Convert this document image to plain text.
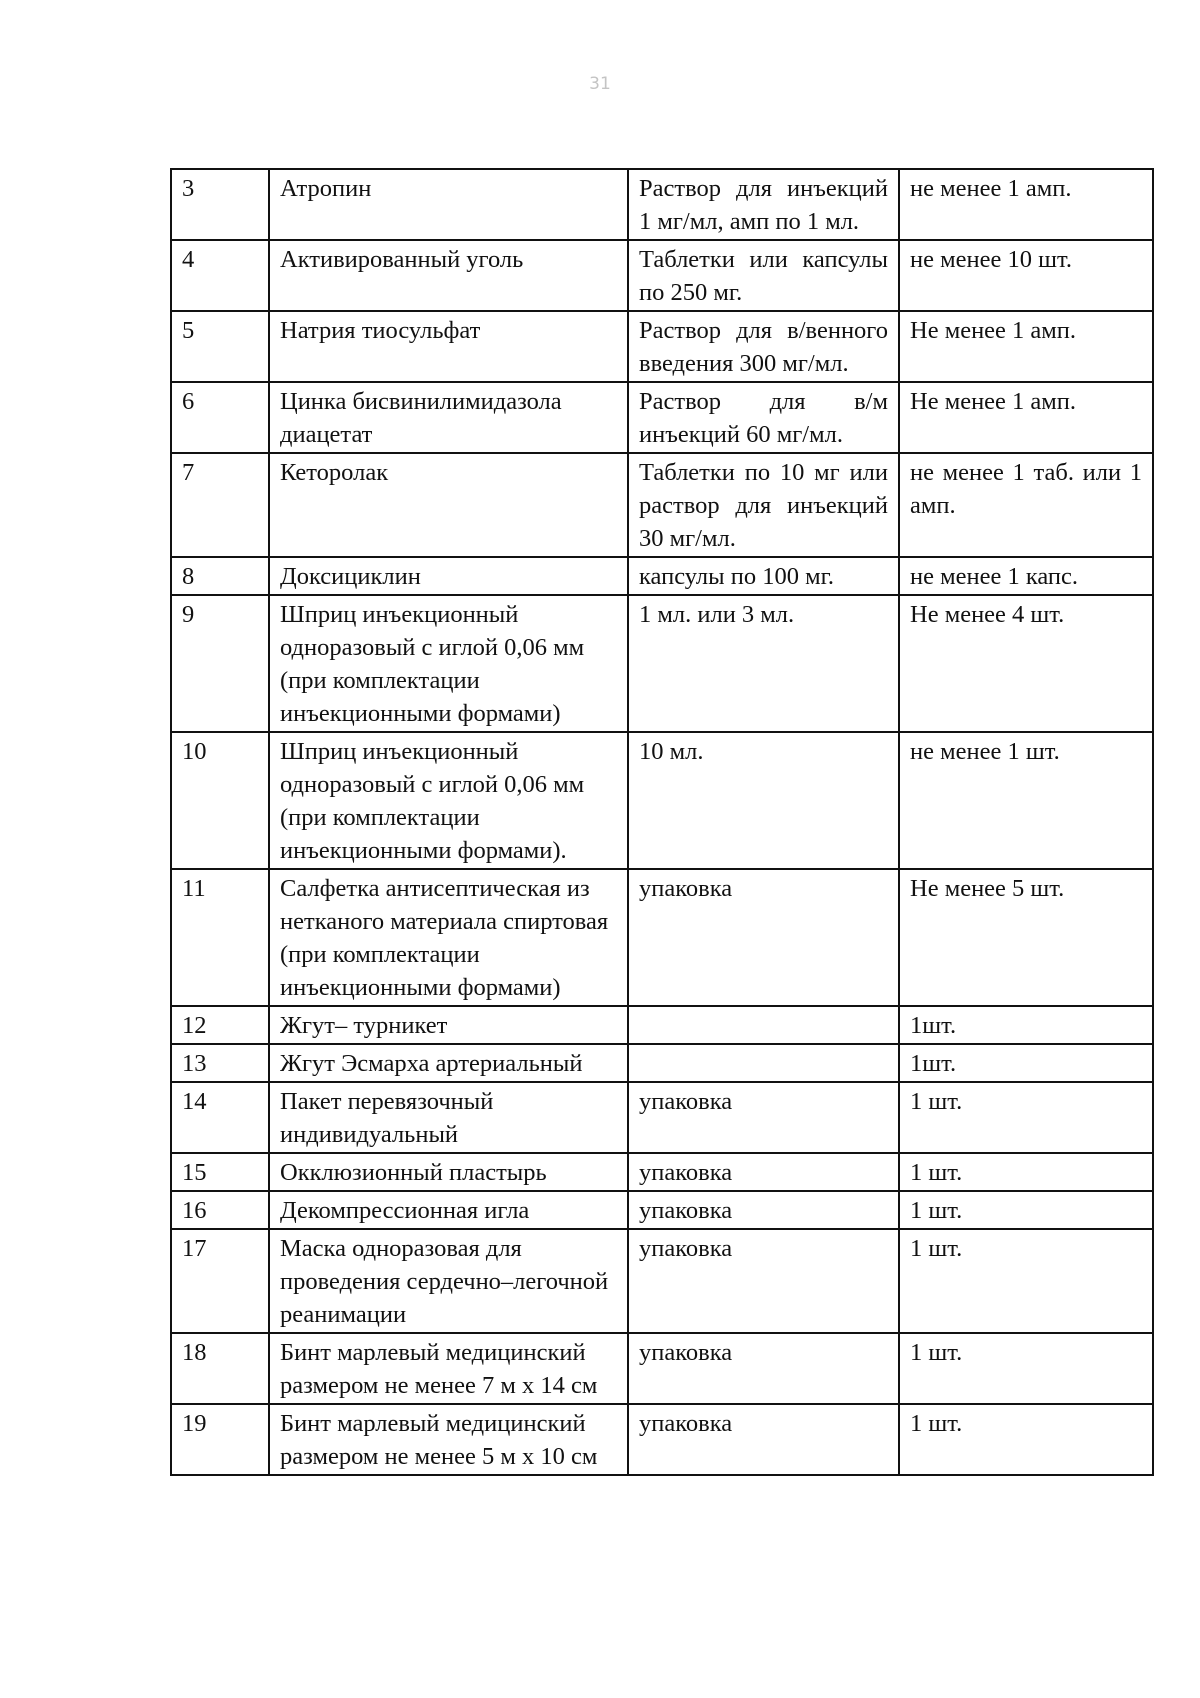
31
3	Атропин	Раствор для инъекций 1 мг/мл, амп по 1 мл.	не менее 1 амп.
4	Активированный уголь	Таблетки или капсулы по 250 мг.	не менее 10 шт.
5	Натрия тиосульфат	Раствор для в/венного введения 300 мг/мл.	Не менее 1 амп.
6	Цинка бисвинилимидазола диацетат	Раствор для в/м инъекций 60 мг/мл.	Не менее 1 амп.
7	Кеторолак	Таблетки по 10 мг или раствор для инъекций 30 мг/мл.	не менее 1 таб. или 1 амп.
8	Доксициклин	капсулы по 100 мг.	не менее 1 капс.
9	Шприц инъекционный одноразовый с иглой 0,06 мм (при комплектации инъекционными формами)	1 мл. или 3 мл.	Не менее 4 шт.
10	Шприц инъекционный одноразовый с иглой 0,06 мм (при комплектации инъекционными формами).	10 мл.	не менее 1 шт.
11	Салфетка антисептическая из нетканого материала спиртовая (при комплектации инъекционными формами)	упаковка	Не менее 5 шт.
12	Жгут– турникет		1шт.
13	Жгут Эсмарха артериальный		1шт.
14	Пакет перевязочный индивидуальный	упаковка	1 шт.
15	Окклюзионный пластырь	упаковка	1 шт.
16	Декомпрессионная игла	упаковка	1 шт.
17	Маска одноразовая для проведения сердечно–легочной реанимации	упаковка	1 шт.
18	Бинт марлевый медицинский размером не менее 7 м х 14 см	упаковка	1 шт.
19	Бинт марлевый медицинский размером не менее 5 м х 10 см	упаковка	1 шт.
